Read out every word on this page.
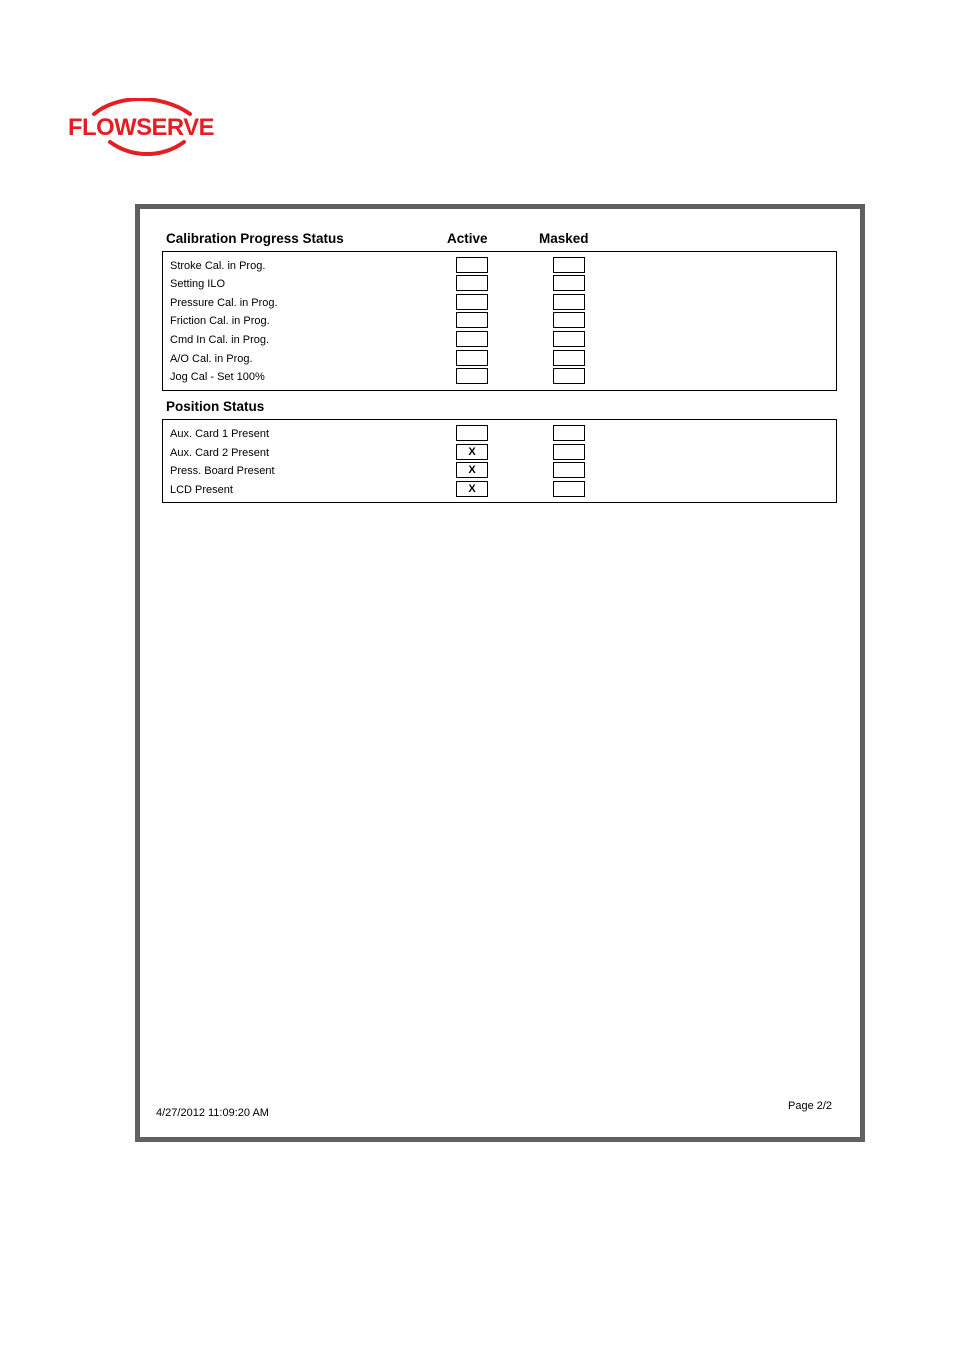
FLOWSERVE
Calibration Progress Status	Active	Masked
Stroke Cal. in Prog.
Setting ILO
Pressure Cal. in Prog.
Friction Cal. in Prog.
Cmd In Cal. in Prog.
A/O Cal. in Prog.
Jog Cal - Set 100%
Position Status
Aux. Card 1 Present
Aux. Card 2 Present	X
Press. Board Present	X
LCD Present	X
4/27/2012 11:09:20 AM
Page 2/2
